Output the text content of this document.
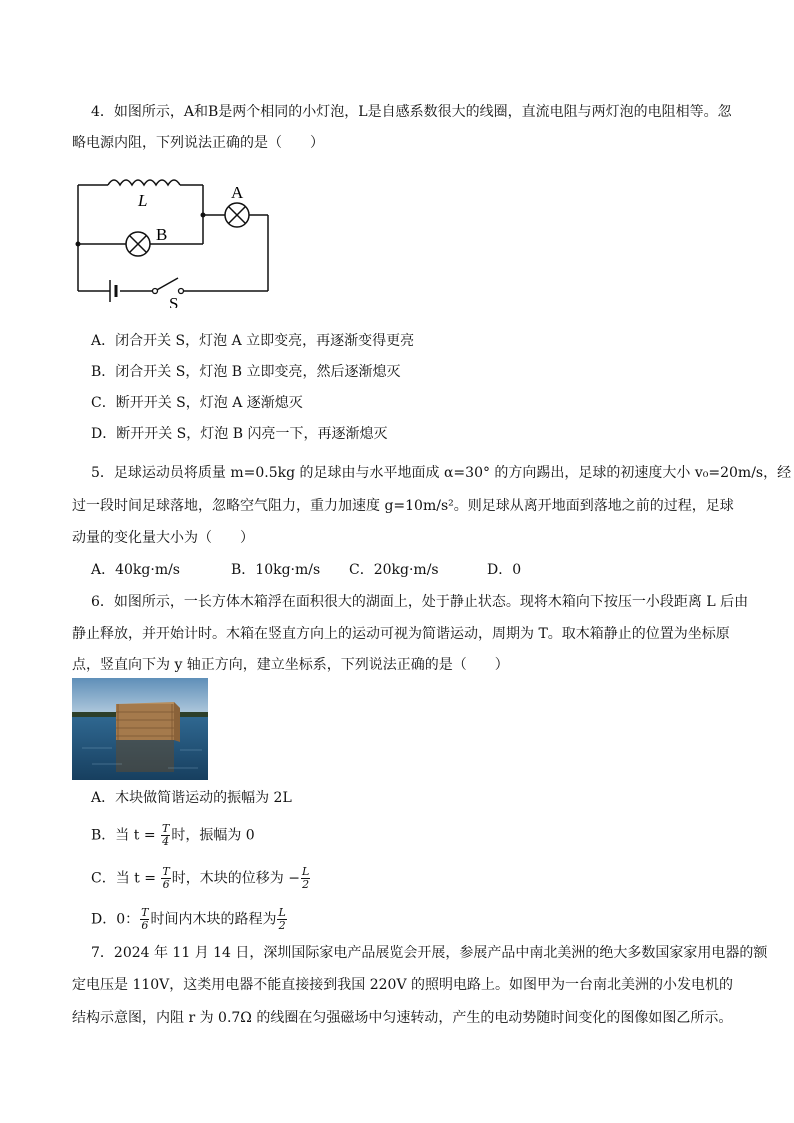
4．如图所示，A和B是两个相同的小灯泡，L是自感系数很大的线圈，直流电阻与两灯泡的电阻相等。忽
略电源内阻，下列说法正确的是（　　）
L	A
B
S
A．闭合开关 S，灯泡 A 立即变亮，再逐渐变得更亮
B．闭合开关 S，灯泡 B 立即变亮，然后逐渐熄灭
C．断开开关 S，灯泡 A 逐渐熄灭
D．断开开关 S，灯泡 B 闪亮一下，再逐渐熄灭
5．足球运动员将质量 m=0.5kg 的足球由与水平地面成 α=30° 的方向踢出，足球的初速度大小 v₀=20m/s，经
过一段时间足球落地，忽略空气阻力，重力加速度 g=10m/s²。则足球从离开地面到落地之前的过程，足球
动量的变化量大小为（　　）
A．40kg·m/s	B．10kg·m/s C．20kg·m/s	D．0
6．如图所示，一长方体木箱浮在面积很大的湖面上，处于静止状态。现将木箱向下按压一小段距离 L 后由
静止释放，并开始计时。木箱在竖直方向上的运动可视为简谐运动，周期为 T。取木箱静止的位置为坐标原
点，竖直向下为 y 轴正方向，建立坐标系，下列说法正确的是（　　）
A．木块做简谐运动的振幅为 2L
B．当 $t = \frac{T}{4}$ 时，振幅为 0
C．当 $t = \frac{T}{6}$ 时，木块的位移为 − $\frac{L}{2}$
D．0： $\frac{T}{6}$ 时间内木块的路程为 $\frac{L}{2}$
7．2024 年 11 月 14 日，深圳国际家电产品展览会开展，参展产品中南北美洲的绝大多数国家家用电器的额
定电压是 110V，这类用电器不能直接接到我国 220V 的照明电路上。如图甲为一台南北美洲的小发电机的
结构示意图，内阻 r 为 0.7Ω 的线圈在匀强磁场中匀速转动，产生的电动势随时间变化的图像如图乙所示。
